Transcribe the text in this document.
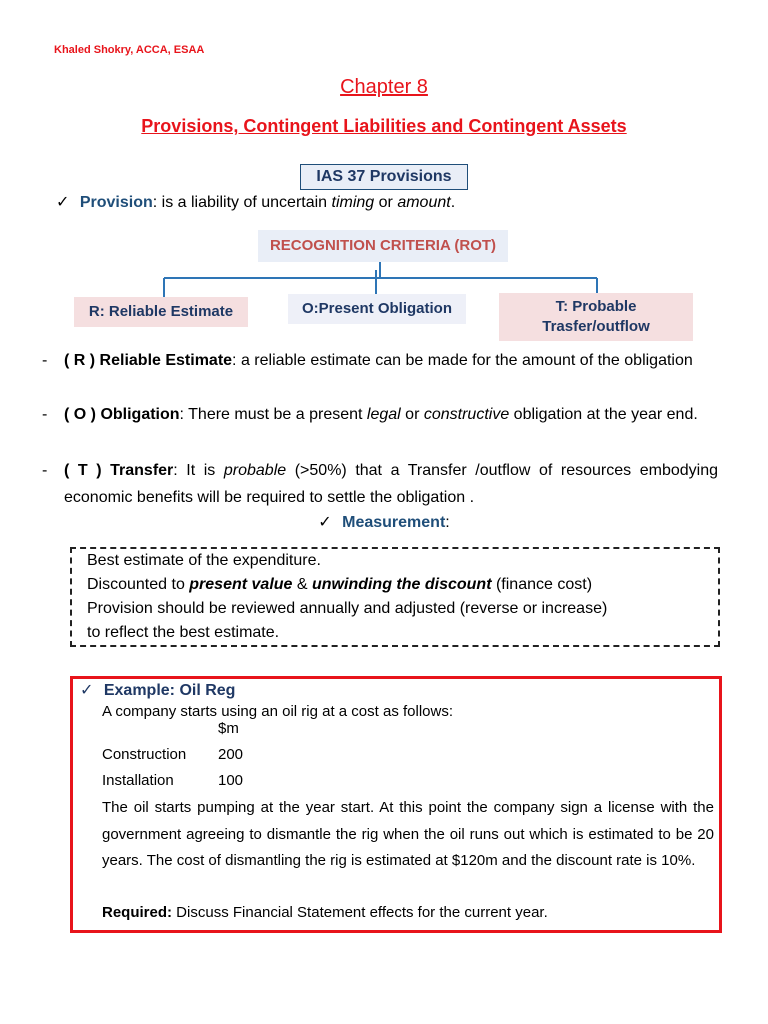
Khaled Shokry, ACCA, ESAA
Chapter 8
Provisions, Contingent Liabilities and Contingent Assets
IAS 37 Provisions
✓ Provision: is a liability of uncertain timing or amount.
RECOGNITION CRITERIA (ROT)
R: Reliable Estimate	O:Present Obligation	T: Probable
Trasfer/outflow
- ( R ) Reliable Estimate: a reliable estimate can be made for the amount of the obligation
- ( O ) Obligation: There must be a present legal or constructive obligation at the year end.
- ( T ) Transfer: It is probable (>50%) that a Transfer /outflow of resources embodying economic benefits will be required to settle the obligation .
✓ Measurement:
Best estimate of the expenditure.
Discounted to present value & unwinding the discount (finance cost)
Provision should be reviewed annually and adjusted (reverse or increase)
to reflect the best estimate.
✓ Example: Oil Reg
A company starts using an oil rig at a cost as follows:
$m
Construction 200
Installation	100
The oil starts pumping at the year start. At this point the company sign a license with the government agreeing to dismantle the rig when the oil runs out which is estimated to be 20 years. The cost of dismantling the rig is estimated at $120m and the discount rate is 10%.
Required: Discuss Financial Statement effects for the current year.
